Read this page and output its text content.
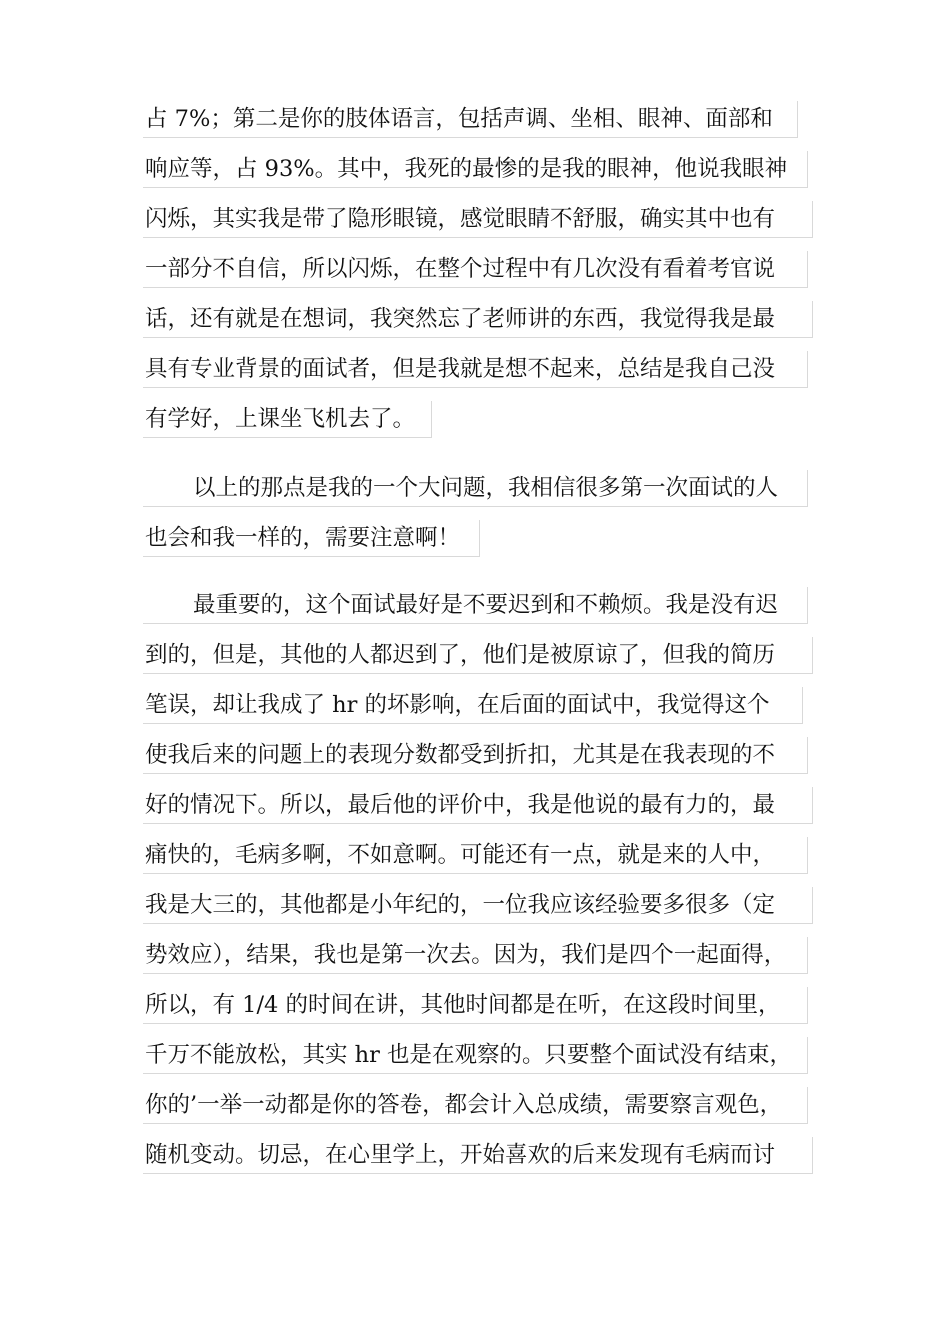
占 7%；第二是你的肢体语言，包括声调、坐相、眼神、面部和
响应等，占 93%。其中，我死的最惨的是我的眼神，他说我眼神
闪烁，其实我是带了隐形眼镜，感觉眼睛不舒服，确实其中也有
一部分不自信，所以闪烁，在整个过程中有几次没有看着考官说
话，还有就是在想词，我突然忘了老师讲的东西，我觉得我是最
具有专业背景的面试者，但是我就是想不起来，总结是我自己没
有学好，上课坐飞机去了。
以上的那点是我的一个大问题，我相信很多第一次面试的人
也会和我一样的，需要注意啊！
最重要的，这个面试最好是不要迟到和不赖烦。我是没有迟
到的，但是，其他的人都迟到了，他们是被原谅了，但我的简历
笔误，却让我成了 hr 的坏影响，在后面的面试中，我觉得这个
使我后来的问题上的表现分数都受到折扣，尤其是在我表现的不
好的情况下。所以，最后他的评价中，我是他说的最有力的，最
痛快的，毛病多啊，不如意啊。可能还有一点，就是来的人中，
我是大三的，其他都是小年纪的，一位我应该经验要多很多（定
势效应），结果，我也是第一次去。因为，我们是四个一起面得，
所以，有 1/4 的时间在讲，其他时间都是在听，在这段时间里，
千万不能放松，其实 hr 也是在观察的。只要整个面试没有结束，
你的’一举一动都是你的答卷，都会计入总成绩，需要察言观色，
随机变动。切忌，在心里学上，开始喜欢的后来发现有毛病而讨
